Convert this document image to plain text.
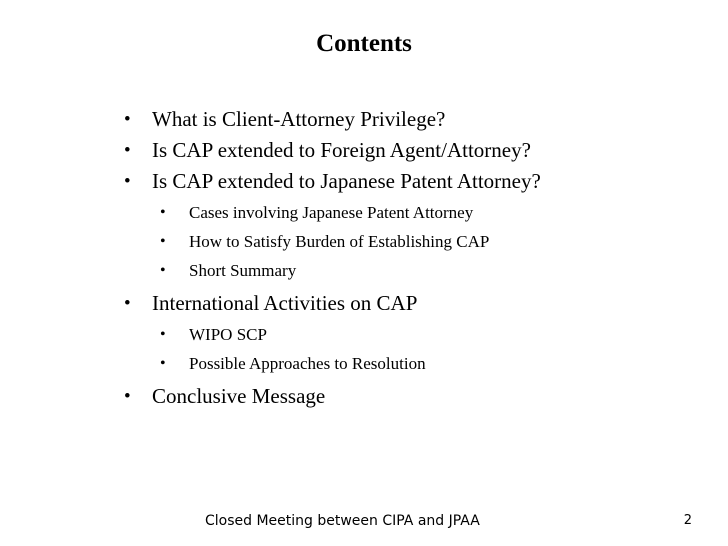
Contents
• What is Client-Attorney Privilege?
• Is CAP extended to Foreign Agent/Attorney?
• Is CAP extended to Japanese Patent Attorney?
• Cases involving Japanese Patent Attorney
• How to Satisfy Burden of Establishing CAP
• Short Summary
• International Activities on CAP
• WIPO SCP
• Possible Approaches to Resolution
• Conclusive Message
Closed Meeting between CIPA and JPAA	2
